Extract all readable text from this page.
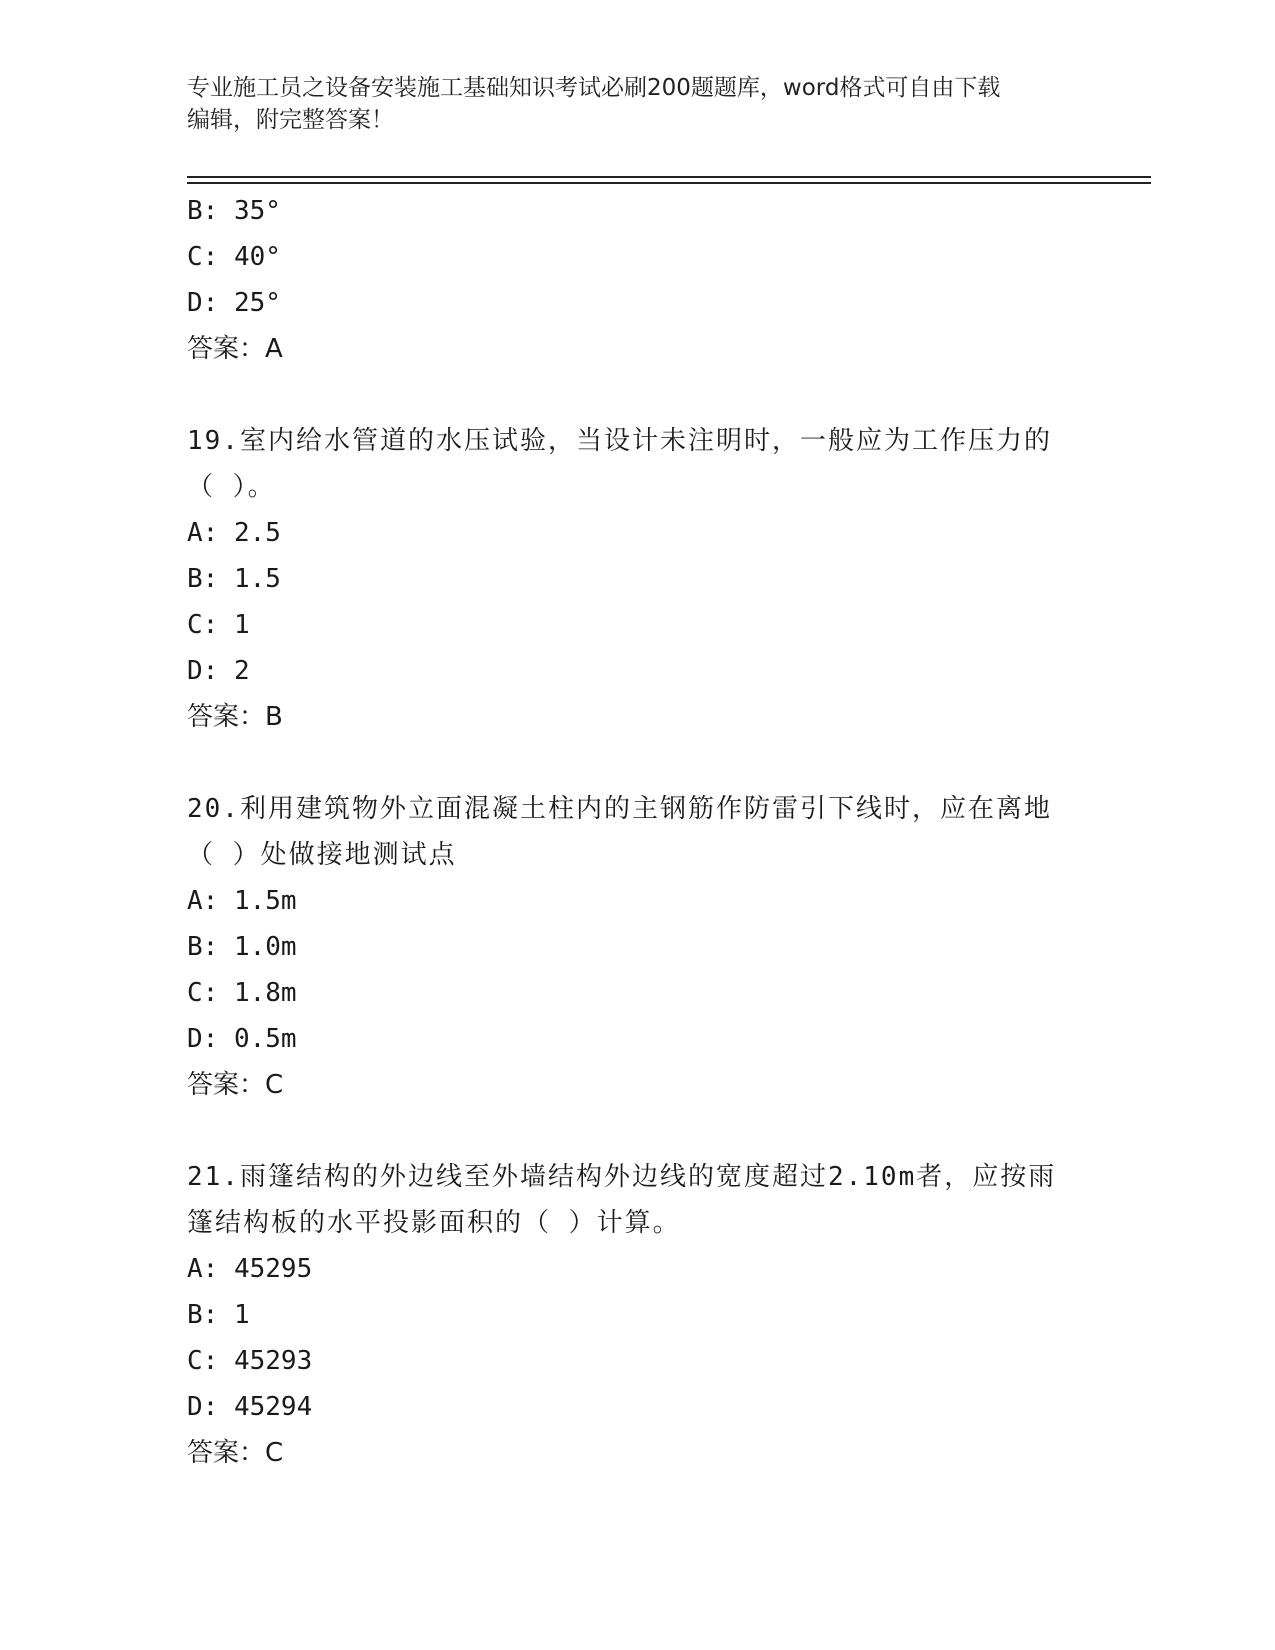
专业施工员之设备安装施工基础知识考试必刷200题题库，word格式可自由下载
编辑，附完整答案！
B: 35°
C: 40°
D: 25°
答案：A
19.室内给水管道的水压试验，当设计未注明时，一般应为工作压力的
（ ）。
A: 2.5
B: 1.5
C: 1
D: 2
答案：B
20.利用建筑物外立面混凝土柱内的主钢筋作防雷引下线时，应在离地
（ ）处做接地测试点
A: 1.5m
B: 1.0m
C: 1.8m
D: 0.5m
答案：C
21.雨篷结构的外边线至外墙结构外边线的宽度超过2.10m者，应按雨
篷结构板的水平投影面积的（ ）计算。
A: 45295
B: 1
C: 45293
D: 45294
答案：C
